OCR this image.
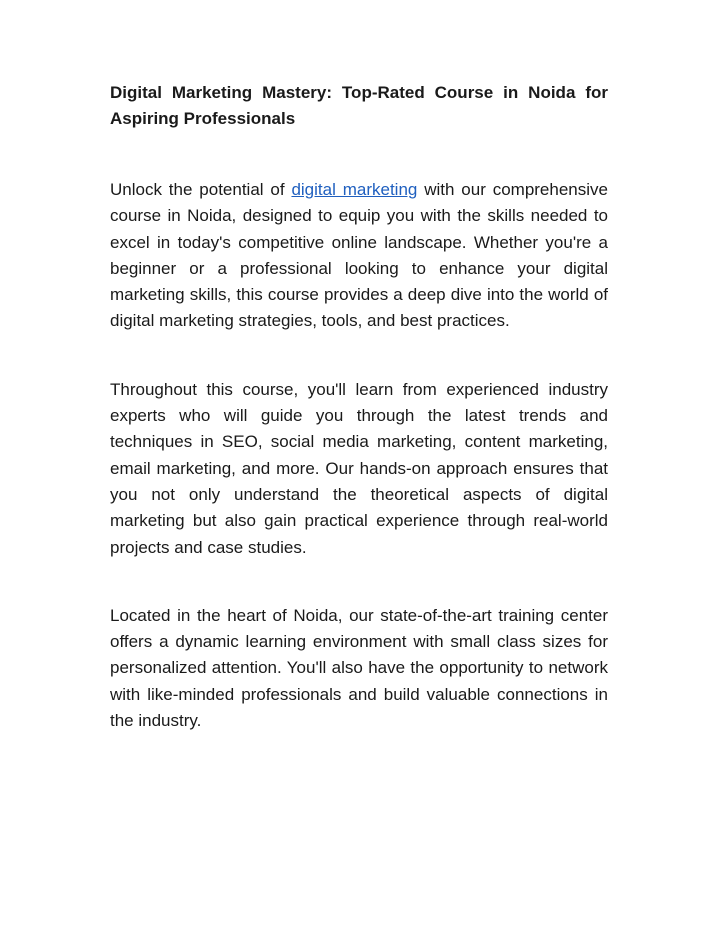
Digital Marketing Mastery: Top-Rated Course in Noida for Aspiring Professionals

Unlock the potential of digital marketing with our comprehensive course in Noida, designed to equip you with the skills needed to excel in today's competitive online landscape. Whether you're a beginner or a professional looking to enhance your digital marketing skills, this course provides a deep dive into the world of digital marketing strategies, tools, and best practices.

Throughout this course, you'll learn from experienced industry experts who will guide you through the latest trends and techniques in SEO, social media marketing, content marketing, email marketing, and more. Our hands-on approach ensures that you not only understand the theoretical aspects of digital marketing but also gain practical experience through real-world projects and case studies.

Located in the heart of Noida, our state-of-the-art training center offers a dynamic learning environment with small class sizes for personalized attention. You'll also have the opportunity to network with like-minded professionals and build valuable connections in the industry.
